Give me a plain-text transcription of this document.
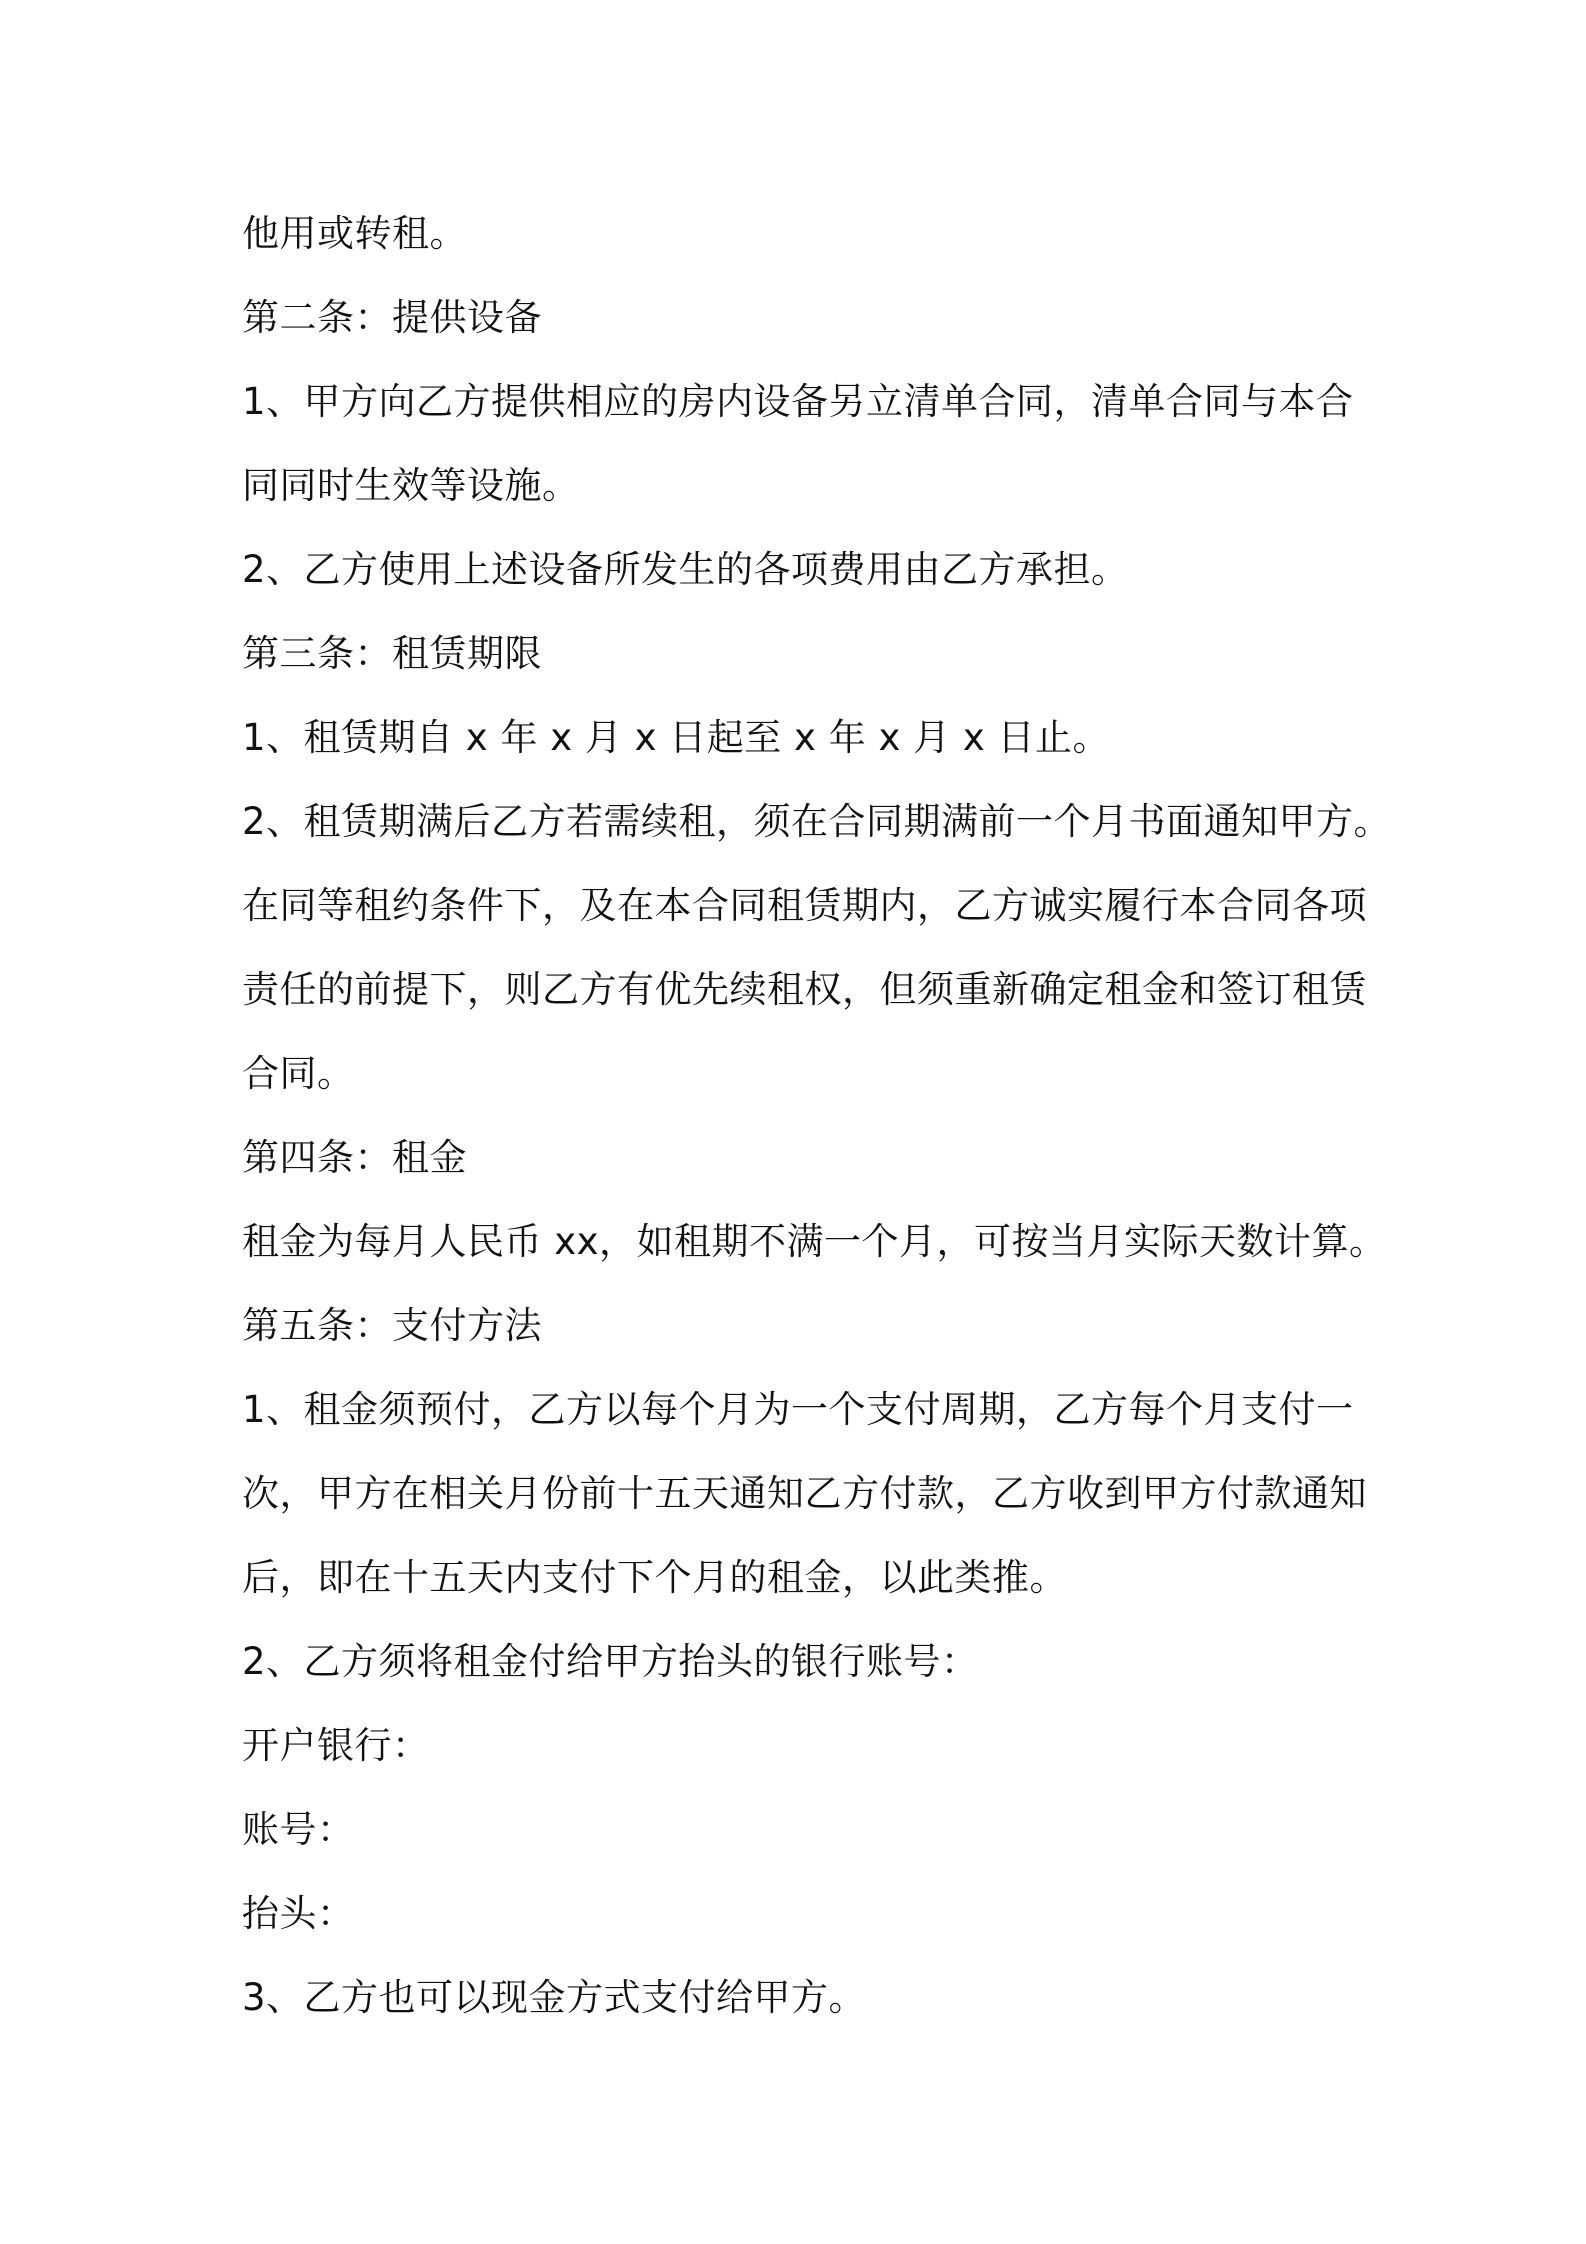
他用或转租。
第二条：提供设备
1、甲方向乙方提供相应的房内设备另立清单合同，清单合同与本合
同同时生效等设施。
2、乙方使用上述设备所发生的各项费用由乙方承担。
第三条：租赁期限
1、租赁期自 x 年 x 月 x 日起至 x 年 x 月 x 日止。
2、租赁期满后乙方若需续租，须在合同期满前一个月书面通知甲方。
在同等租约条件下，及在本合同租赁期内，乙方诚实履行本合同各项
责任的前提下，则乙方有优先续租权，但须重新确定租金和签订租赁
合同。
第四条：租金
租金为每月人民币 xx，如租期不满一个月，可按当月实际天数计算。
第五条：支付方法
1、租金须预付，乙方以每个月为一个支付周期，乙方每个月支付一
次，甲方在相关月份前十五天通知乙方付款，乙方收到甲方付款通知
后，即在十五天内支付下个月的租金，以此类推。
2、乙方须将租金付给甲方抬头的银行账号：
开户银行：
账号：
抬头：
3、乙方也可以现金方式支付给甲方。
